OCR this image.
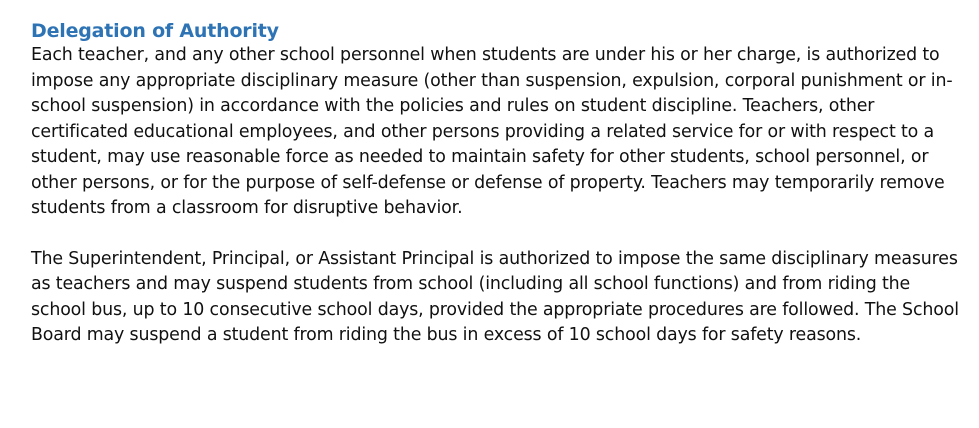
Delegation of Authority

Each teacher, and any other school personnel when students are under his or her charge, is authorized to impose any appropriate disciplinary measure (other than suspension, expulsion, corporal punishment or in-school suspension) in accordance with the policies and rules on student discipline. Teachers, other certificated educational employees, and other persons providing a related service for or with respect to a student, may use reasonable force as needed to maintain safety for other students, school personnel, or other persons, or for the purpose of self-defense or defense of property. Teachers may temporarily remove students from a classroom for disruptive behavior.

The Superintendent, Principal, or Assistant Principal is authorized to impose the same disciplinary measures as teachers and may suspend students from school (including all school functions) and from riding the school bus, up to 10 consecutive school days, provided the appropriate procedures are followed. The School Board may suspend a student from riding the bus in excess of 10 school days for safety reasons.
